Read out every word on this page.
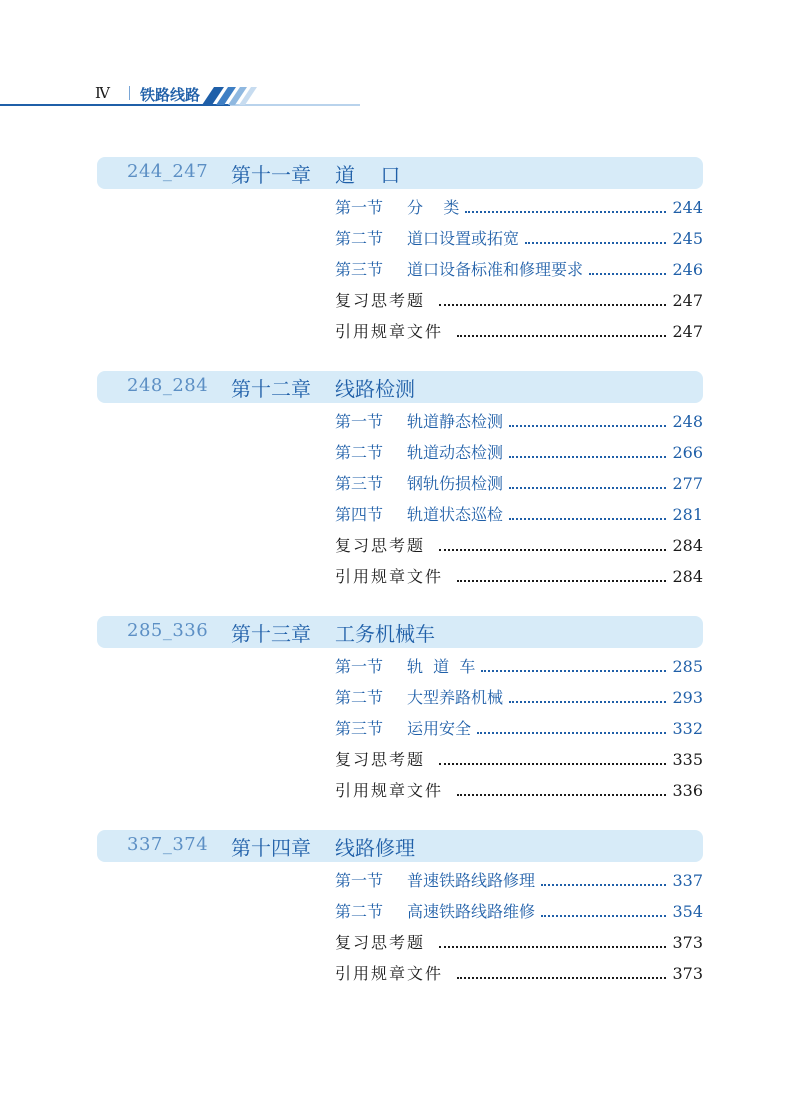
Ⅳ 铁路线路
244_247 第十一章 道    口
第一节	分    类	244
第二节	道口设置或拓宽	245
第三节	道口设备标准和修理要求	246
复习思考题	247
引用规章文件	247
248_284 第十二章 线路检测
第一节	轨道静态检测	248
第二节	轨道动态检测	266
第三节	钢轨伤损检测	277
第四节	轨道状态巡检	281
复习思考题	284
引用规章文件	284
285_336 第十三章 工务机械车
第一节	轨  道  车	285
第二节	大型养路机械	293
第三节	运用安全	332
复习思考题	335
引用规章文件	336
337_374 第十四章 线路修理
第一节	普速铁路线路修理	337
第二节	高速铁路线路维修	354
复习思考题	373
引用规章文件	373
